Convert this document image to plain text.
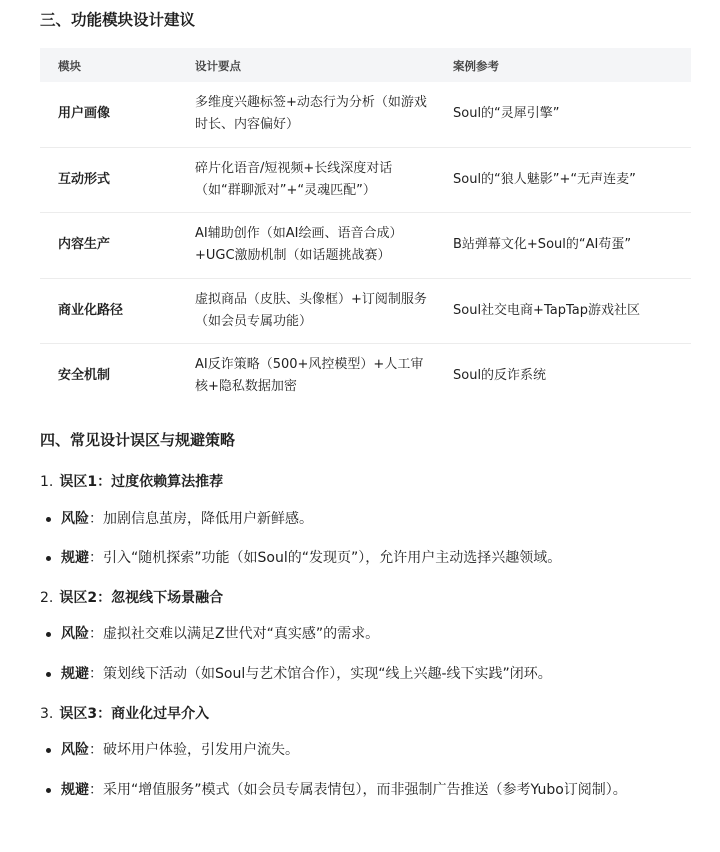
三、功能模块设计建议
模块	设计要点	案例参考
用户画像
多维度兴趣标签+动态行为分析（如游戏时长、内容偏好）
Soul的“灵犀引擎”
互动形式
碎片化语音/短视频+长线深度对话（如“群聊派对”+“灵魂匹配”）
Soul的“狼人魅影”+“无声连麦”
内容生产
AI辅助创作（如AI绘画、语音合成）+UGC激励机制（如话题挑战赛）
B站弹幕文化+Soul的“AI苟蛋”
商业化路径
虚拟商品（皮肤、头像框）+订阅制服务（如会员专属功能）
Soul社交电商+TapTap游戏社区
安全机制
AI反诈策略（500+风控模型）+人工审核+隐私数据加密
Soul的反诈系统
四、常见设计误区与规避策略
1. 误区1：过度依赖算法推荐
风险：加剧信息茧房，降低用户新鲜感。
规避：引入“随机探索”功能（如Soul的“发现页”），允许用户主动选择兴趣领域。
2. 误区2：忽视线下场景融合
风险：虚拟社交难以满足Z世代对“真实感”的需求。
规避：策划线下活动（如Soul与艺术馆合作），实现“线上兴趣-线下实践”闭环。
3. 误区3：商业化过早介入
风险：破坏用户体验，引发用户流失。
规避：采用“增值服务”模式（如会员专属表情包），而非强制广告推送（参考Yubo订阅制）。
